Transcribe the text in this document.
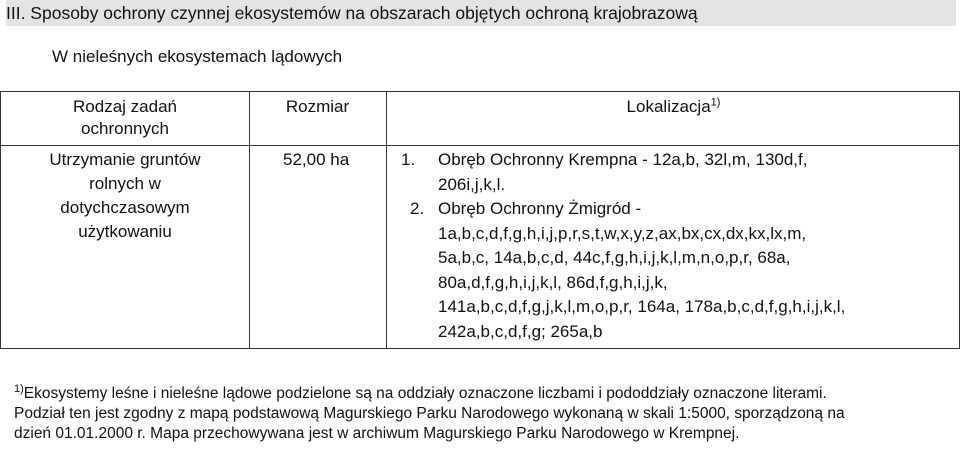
III. Sposoby ochrony czynnej ekosystemów na obszarach objętych ochroną krajobrazową
W nieleśnych ekosystemach lądowych
Rodzaj zadań
ochronnych
Rozmiar	Lokalizacja$^{1)}$
Utrzymanie gruntów
rolnych w
dotychczasowym
użytkowaniu
52,00 ha	1. Obręb Ochronny Krempna - 12a,b, 32l,m, 130d,f,
206i,j,k,l.
2. Obręb Ochronny Żmigród -
1a,b,c,d,f,g,h,i,j,p,r,s,t,w,x,y,z,ax,bx,cx,dx,kx,lx,m,
5a,b,c, 14a,b,c,d, 44c,f,g,h,i,j,k,l,m,n,o,p,r, 68a,
80a,d,f,g,h,i,j,k,l, 86d,f,g,h,i,j,k,
141a,b,c,d,f,g,j,k,l,m,o,p,r, 164a, 178a,b,c,d,f,g,h,i,j,k,l,
242a,b,c,d,f,g; 265a,b
$^{1)}$Ekosystemy leśne i nieleśne lądowe podzielone są na oddziały oznaczone liczbami i pododdziały oznaczone literami.
Podział ten jest zgodny z mapą podstawową Magurskiego Parku Narodowego wykonaną w skali 1:5000, sporządzoną na
dzień 01.01.2000 r. Mapa przechowywana jest w archiwum Magurskiego Parku Narodowego w Krempnej.
